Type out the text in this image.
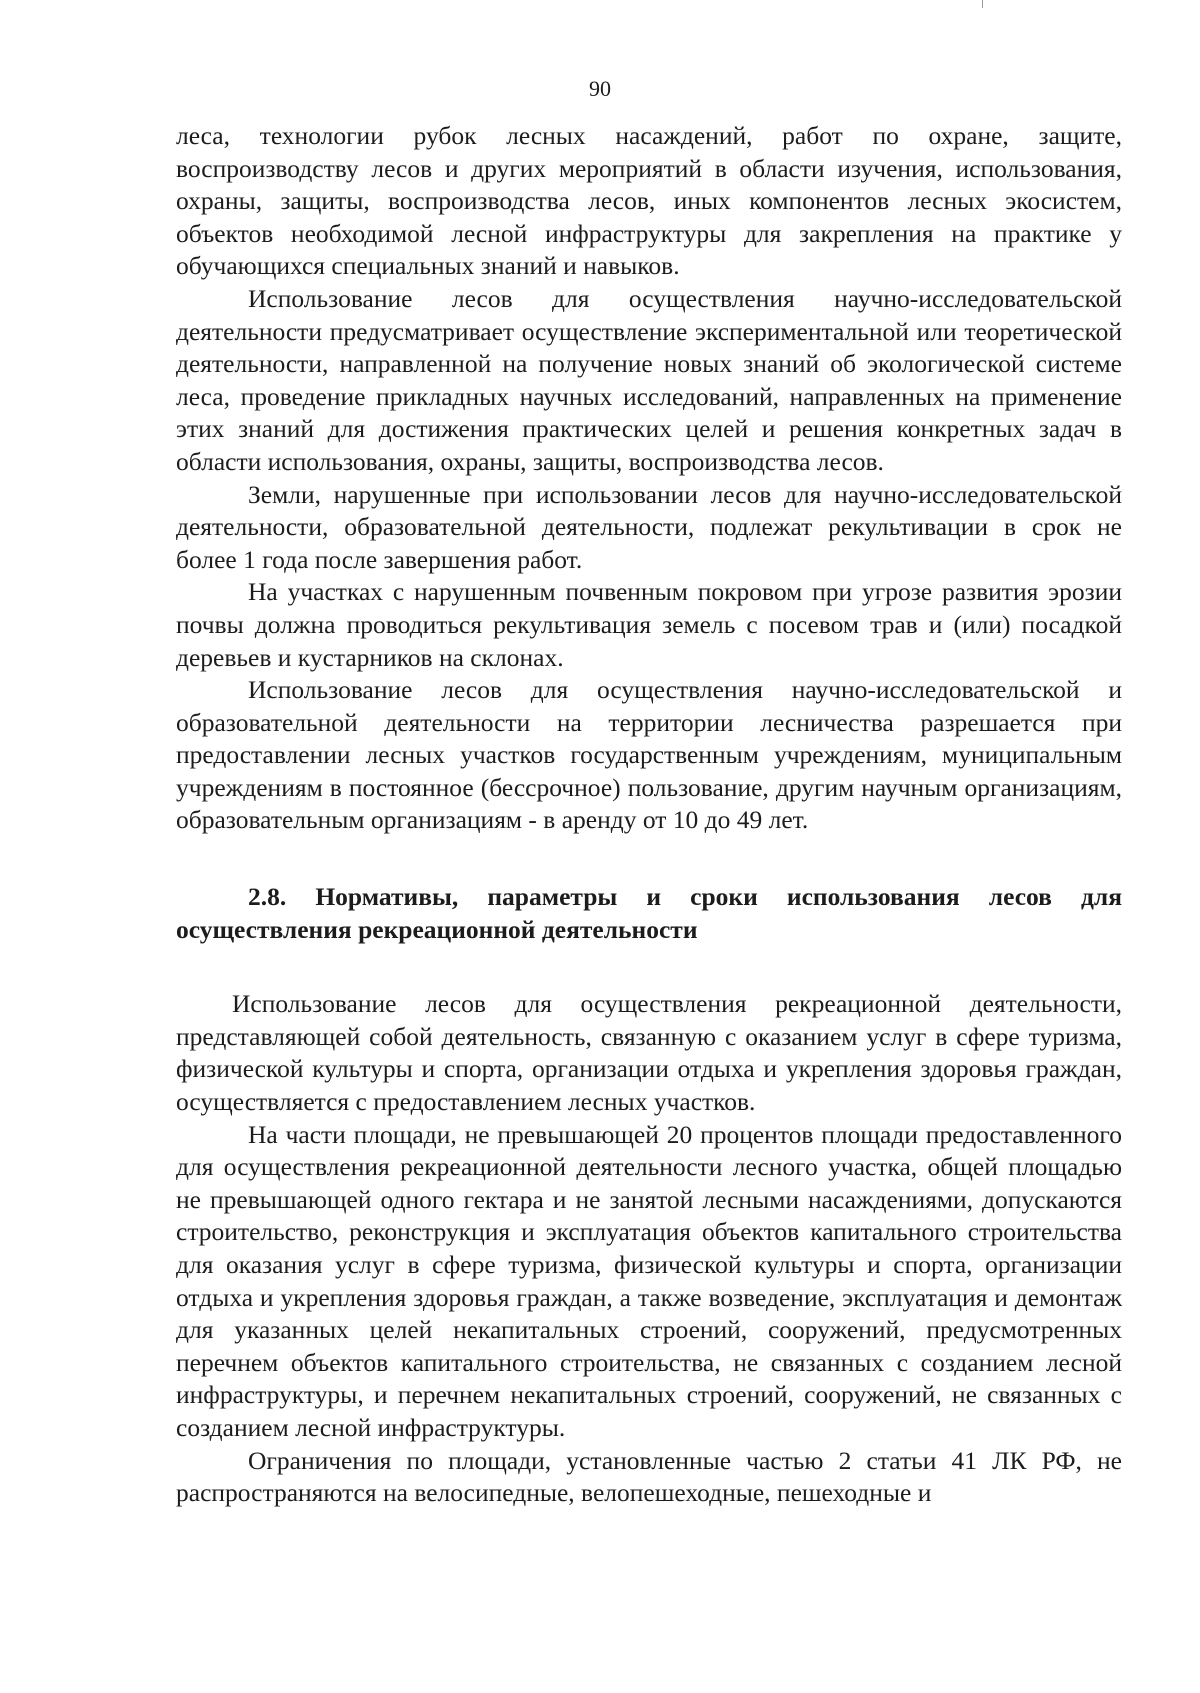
90

леса, технологии рубок лесных насаждений, работ по охране, защите, воспроизводству лесов и других мероприятий в области изучения, использования, охраны, защиты, воспроизводства лесов, иных компонентов лесных экосистем, объектов необходимой лесной инфраструктуры для закрепления на практике у обучающихся специальных знаний и навыков.

Использование лесов для осуществления научно-исследовательской деятельности предусматривает осуществление экспериментальной или теоретической деятельности, направленной на получение новых знаний об экологической системе леса, проведение прикладных научных исследований, направленных на применение этих знаний для достижения практических целей и решения конкретных задач в области использования, охраны, защиты, воспроизводства лесов.

Земли, нарушенные при использовании лесов для научно-исследовательской деятельности, образовательной деятельности, подлежат рекультивации в срок не более 1 года после завершения работ.

На участках с нарушенным почвенным покровом при угрозе развития эрозии почвы должна проводиться рекультивация земель с посевом трав и (или) посадкой деревьев и кустарников на склонах.

Использование лесов для осуществления научно-исследовательской и образовательной деятельности на территории лесничества разрешается при предоставлении лесных участков государственным учреждениям, муниципальным учреждениям в постоянное (бессрочное) пользование, другим научным организациям, образовательным организациям - в аренду от 10 до 49 лет.

2.8. Нормативы, параметры и сроки использования лесов для осуществления рекреационной деятельности

Использование лесов для осуществления рекреационной деятельности, представляющей собой деятельность, связанную с оказанием услуг в сфере туризма, физической культуры и спорта, организации отдыха и укрепления здоровья граждан, осуществляется с предоставлением лесных участков.

На части площади, не превышающей 20 процентов площади предоставленного для осуществления рекреационной деятельности лесного участка, общей площадью не превышающей одного гектара и не занятой лесными насаждениями, допускаются строительство, реконструкция и эксплуатация объектов капитального строительства для оказания услуг в сфере туризма, физической культуры и спорта, организации отдыха и укрепления здоровья граждан, а также возведение, эксплуатация и демонтаж для указанных целей некапитальных строений, сооружений, предусмотренных перечнем объектов капитального строительства, не связанных с созданием лесной инфраструктуры, и перечнем некапитальных строений, сооружений, не связанных с созданием лесной инфраструктуры.

Ограничения по площади, установленные частью 2 статьи 41 ЛК РФ, не распространяются на велосипедные, велопешеходные, пешеходные и
